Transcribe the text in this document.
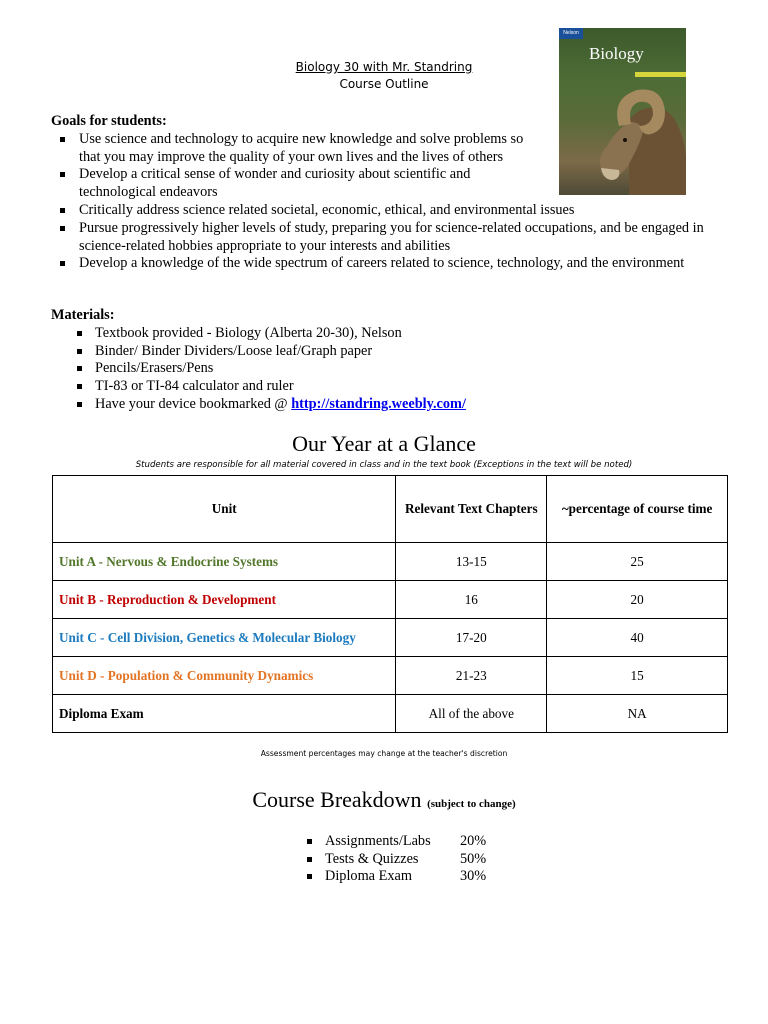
Biology 30 with Mr. Standring
Course Outline
Nelson
Biology
Goals for students:
Use science and technology to acquire new knowledge and solve problems so that you may improve the quality of your own lives and the lives of others
Develop a critical sense of wonder and curiosity about scientific and technological endeavors
Critically address science related societal, economic, ethical, and environmental issues
Pursue progressively higher levels of study, preparing you for science-related occupations, and be engaged in science-related hobbies appropriate to your interests and abilities
Develop a knowledge of the wide spectrum of careers related to science, technology, and the environment
Materials:
Textbook provided - Biology (Alberta 20-30), Nelson
Binder/ Binder Dividers/Loose leaf/Graph paper
Pencils/Erasers/Pens
TI-83 or TI-84 calculator and ruler
Have your device bookmarked @ http://standring.weebly.com/
Our Year at a Glance
Students are responsible for all material covered in class and in the text book (Exceptions in the text will be noted)
Unit	Relevant Text Chapters	~percentage of course time
Unit A - Nervous & Endocrine Systems	13-15	25
Unit B - Reproduction & Development	16	20
Unit C - Cell Division, Genetics & Molecular Biology	17-20	40
Unit D - Population & Community Dynamics	21-23	15
Diploma Exam	All of the above	NA
Assessment percentages may change at the teacher's discretion
Course Breakdown (subject to change)
Assignments/Labs 20%
Tests & Quizzes	50%
Diploma Exam	30%
